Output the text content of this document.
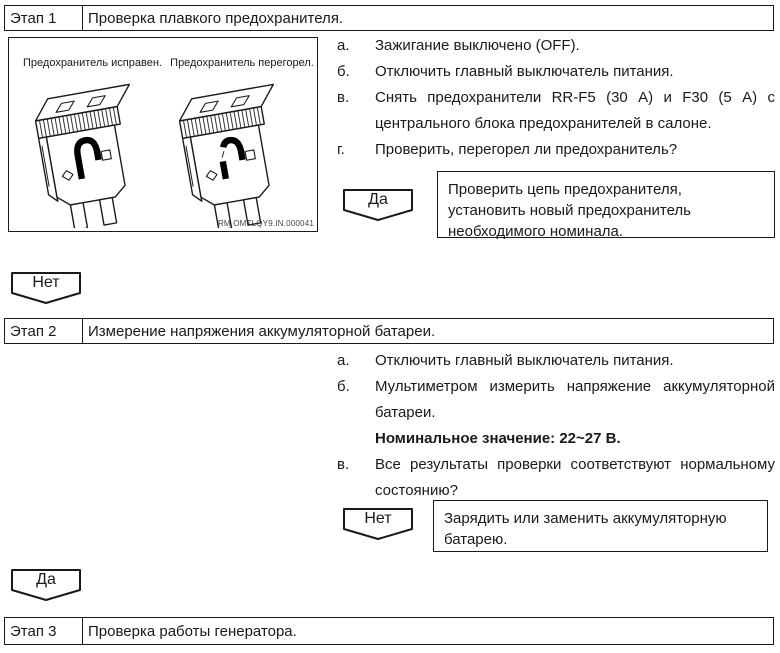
Этап 1	Проверка плавкого предохранителя.
Предохранитель исправен. Предохранитель перегорел.
RM.OMTLQY9.IN.000041
а.	Зажигание выключено (OFF).
б.	Отключить главный выключатель питания.
в.	Снять предохранители RR-F5 (30 А) и F30 (5 А) с центрального блока предохранителей в салоне.
г.	Проверить, перегорел ли предохранитель?
Да
Проверить цепь предохранителя, установить новый предохранитель необходимого номинала.
Нет
Этап 2	Измерение напряжения аккумуляторной батареи.
а.	Отключить главный выключатель питания.
б.	Мультиметром измерить напряжение аккумуляторной батареи.
Номинальное значение: 22~27 В.
в.	Все результаты проверки соответствуют нормальному состоянию?
Нет	Зарядить или заменить аккумуляторную батарею.
Да
Этап 3	Проверка работы генератора.
